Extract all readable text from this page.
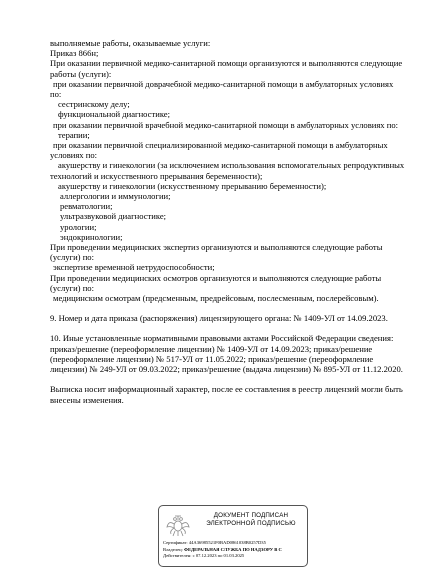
выполняемые работы, оказываемые услуги:
Приказ 866н;
При оказании первичной медико-санитарной помощи организуются и выполняются следующие
работы (услуги):
при оказании первичной доврачебной медико-санитарной помощи в амбулаторных условиях
по:
сестринскому делу;
функциональной диагностике;
при оказании первичной врачебной медико-санитарной помощи в амбулаторных условиях по:
терапии;
при оказании первичной специализированной медико-санитарной помощи в амбулаторных
условиях по:
акушерству и гинекологии (за исключением использования вспомогательных репродуктивных
технологий и искусственного прерывания беременности);
акушерству и гинекологии (искусственному прерыванию беременности);
аллергологии и иммунологии;
ревматологии;
ультразвуковой диагностике;
урологии;
эндокринологии;
При проведении медицинских экспертиз организуются и выполняются следующие работы
(услуги) по:
экспертизе временной нетрудоспособности;
При проведении медицинских осмотров организуются и выполняются следующие работы
(услуги) по:
медицинским осмотрам (предсменным, предрейсовым, послесменным, послерейсовым).
9. Номер и дата приказа (распоряжения) лицензирующего органа: № 1409-УЛ от 14.09.2023.
10. Иные установленные нормативными правовыми актами Российской Федерации сведения:
приказ/решение (переоформление лицензии) № 1409-УЛ от 14.09.2023; приказ/решение
(переоформление лицензии) № 517-УЛ от 11.05.2022; приказ/решение (переоформление
лицензии) № 249-УЛ от 09.03.2022; приказ/решение (выдача лицензии) № 895-УЛ от 11.12.2020.
Выписка носит информационный характер, после ее составления в реестр лицензий могли быть
внесены изменения.
ДОКУМЕНТ ПОДПИСАН
ЭЛЕКТРОННОЙ ПОДПИСЬЮ
Сертификат: 44A36985521F0BAD0861038B0257D35
Владелец: ФЕДЕРАЛЬНАЯ СЛУЖБА ПО НАДЗОРУ В С
Действителен: с 07.12.2023 по 01.03.2025
